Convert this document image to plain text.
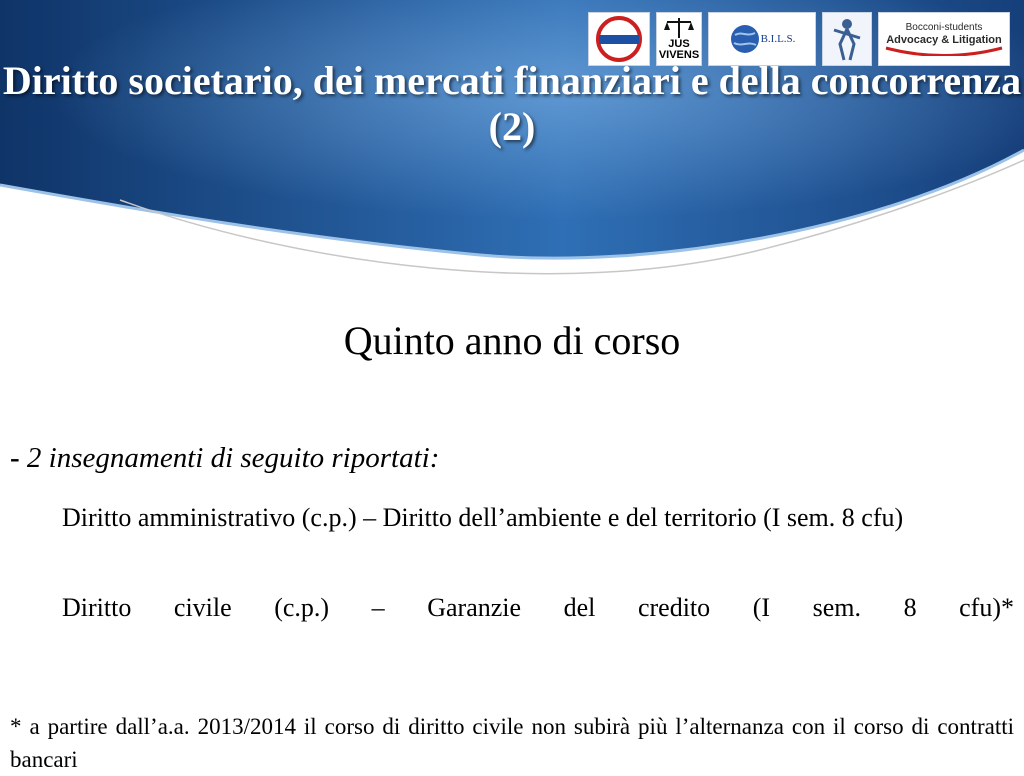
JUS
VIVENS
B.I.L.S.
Bocconi-students
Advocacy & Litigation
Diritto societario, dei mercati finanziari e della concorrenza (2)
Quinto anno di corso
- 2 insegnamenti di seguito riportati:
Diritto amministrativo (c.p.) – Diritto dell’ambiente e del territorio (I sem. 8 cfu)
Diritto civile (c.p.) – Garanzie del credito (I sem. 8 cfu)*
* a partire dall’a.a. 2013/2014 il corso di diritto civile non subirà più l’alternanza con il corso di contratti bancari
